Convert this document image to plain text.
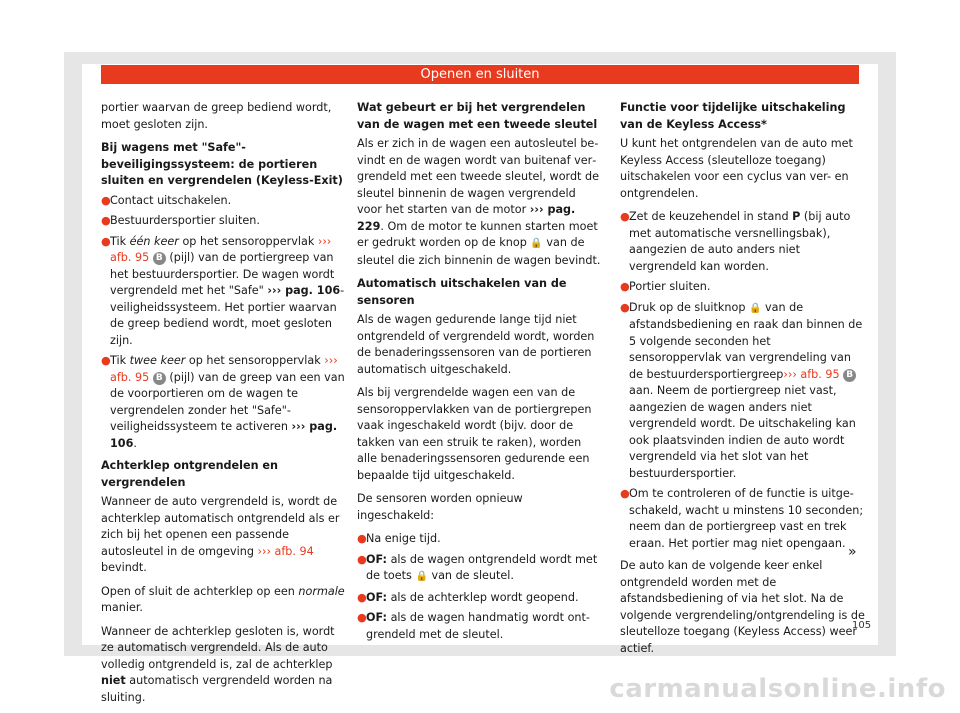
Openen en sluiten

portier waarvan de greep bediend wordt, moet gesloten zijn.

Bij wagens met "Safe"-beveiligingssysteem: de portieren sluiten en vergrendelen (Keyless-Exit)
● Contact uitschakelen.
● Bestuurdersportier sluiten.
● Tik één keer op het sensoroppervlak ››› afb. 95 B (pijl) van de portiergreep van het bestuurdersportier. De wagen wordt vergrendeld met het "Safe" ››› pag. 106-veiligheidssysteem. Het portier waarvan de greep bediend wordt, moet gesloten zijn.
● Tik twee keer op het sensoroppervlak ››› afb. 95 B (pijl) van de greep van een van de voorportieren om de wagen te vergrendelen zonder het "Safe"-veiligheidssysteem te activeren ››› pag. 106.
Achterklep ontgrendelen en vergrendelen

Wanneer de auto vergrendeld is, wordt de achterklep automatisch ontgrendeld als er zich bij het openen een passende autosleutel in de omgeving ››› afb. 94 bevindt.

Open of sluit de achterklep op een normale manier.

Wanneer de achterklep gesloten is, wordt ze automatisch vergrendeld. Als de auto volledig ontgrendeld is, zal de achterklep niet automatisch vergrendeld worden na sluiting.

Wat gebeurt er bij het vergrendelen van de wagen met een tweede sleutel

Als er zich in de wagen een autosleutel bevindt en de wagen wordt van buitenaf vergrendeld met een tweede sleutel, wordt de sleutel binnenin de wagen vergrendeld voor het starten van de motor ››› pag. 229. Om de motor te kunnen starten moet er gedrukt worden op de knop 🔒 van de sleutel die zich binnenin de wagen bevindt.

Automatisch uitschakelen van de sensoren

Als de wagen gedurende lange tijd niet ontgrendeld of vergrendeld wordt, worden de benaderingssensoren van de portieren automatisch uitgeschakeld.

Als bij vergrendelde wagen een van de sensoroppervlakken van de portiergrepen vaak ingeschakeld wordt (bijv. door de takken van een struik te raken), worden alle benaderingssensoren gedurende een bepaalde tijd uitgeschakeld.

De sensoren worden opnieuw ingeschakeld:

● Na enige tijd.
● OF: als de wagen ontgrendeld wordt met de toets 🔒 van de sleutel.
● OF: als de achterklep wordt geopend.
● OF: als de wagen handmatig wordt ontgrendeld met de sleutel.
Functie voor tijdelijke uitschakeling van de Keyless Access*

U kunt het ontgrendelen van de auto met Keyless Access (sleutelloze toegang) uitschakelen voor een cyclus van ver- en ontgrendelen.

● Zet de keuzehendel in stand P (bij auto met automatische versnellingsbak), aangezien de auto anders niet vergrendeld kan worden.
● Portier sluiten.
● Druk op de sluitknop 🔒 van de afstandsbediening en raak dan binnen de 5 volgende seconden het sensoroppervlak van vergrendeling van de bestuurdersportiergreep››› afb. 95 B aan. Neem de portiergreep niet vast, aangezien de wagen anders niet vergrendeld wordt. De uitschakeling kan ook plaatsvinden indien de auto wordt vergrendeld via het slot van het bestuurdersportier.
● Om te controleren of de functie is uitgeschakeld, wacht u minstens 10 seconden; neem dan de portiergreep vast en trek eraan. Het portier mag niet opengaan.

De auto kan de volgende keer enkel ontgrendeld worden met de afstandsbediening of via het slot. Na de volgende vergrendeling/ontgrendeling is de sleutelloze toegang (Keyless Access) weer actief.

»
105
carmanualsonline.info
